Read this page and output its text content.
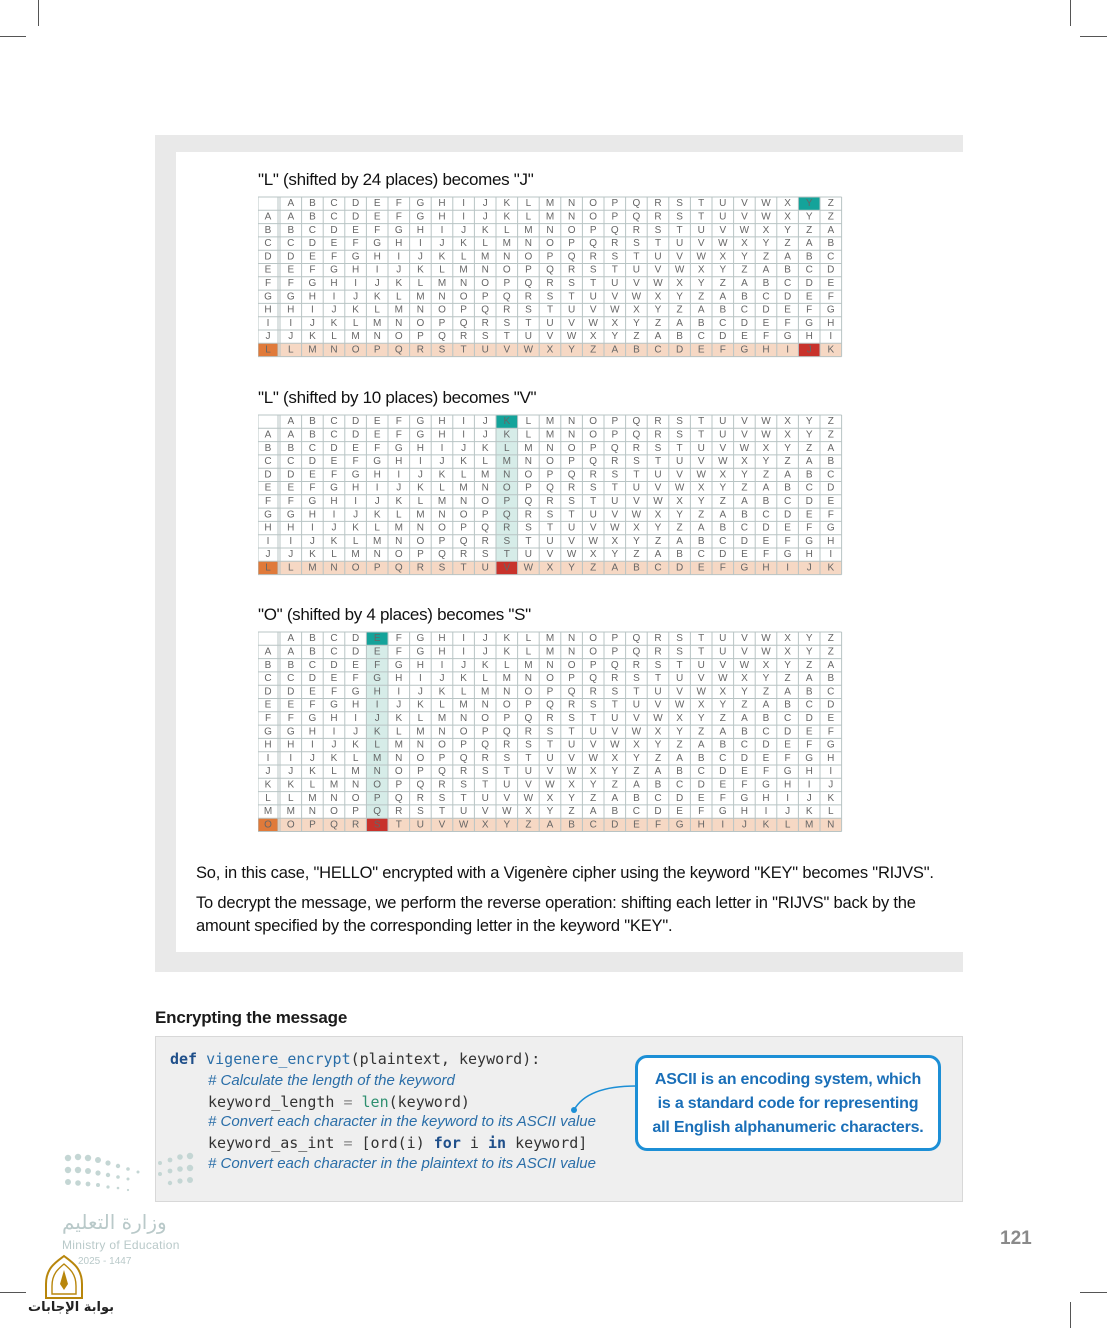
"L" (shifted by 24 places) becomes "J"
A B C D E F G H I J K L M N O P Q R S T U V W X Y Z
A A B C D E F G H I J K L M N O P Q R S T U V W X Y Z
B B C D E F G H I J K L M N O P Q R S T U V W X Y Z A
C C D E F G H I J K L M N O P Q R S T U V W X Y Z A B
D D E F G H I J K L M N O P Q R S T U V W X Y Z A B C
E E F G H I J K L M N O P Q R S T U V W X Y Z A B C D
F F G H I J K L M N O P Q R S T U V W X Y Z A B C D E
G G H I J K L M N O P Q R S T U V W X Y Z A B C D E F
H H I J K L M N O P Q R S T U V W X Y Z A B C D E F G
I I J K L M N O P Q R S T U V W X Y Z A B C D E F G H
J J K L M N O P Q R S T U V W X Y Z A B C D E F G H I
L L M N O P Q R S T U V W X Y Z A B C D E F G H I J K
"L" (shifted by 10 places) becomes "V"
A B C D E F G H I J K L M N O P Q R S T U V W X Y Z
A A B C D E F G H I J K L M N O P Q R S T U V W X Y Z
B B C D E F G H I J K L M N O P Q R S T U V W X Y Z A
C C D E F G H I J K L M N O P Q R S T U V W X Y Z A B
D D E F G H I J K L M N O P Q R S T U V W X Y Z A B C
E E F G H I J K L M N O P Q R S T U V W X Y Z A B C D
F F G H I J K L M N O P Q R S T U V W X Y Z A B C D E
G G H I J K L M N O P Q R S T U V W X Y Z A B C D E F
H H I J K L M N O P Q R S T U V W X Y Z A B C D E F G
I I J K L M N O P Q R S T U V W X Y Z A B C D E F G H
J J K L M N O P Q R S T U V W X Y Z A B C D E F G H I
L L M N O P Q R S T U V W X Y Z A B C D E F G H I J K
"O" (shifted by 4 places) becomes "S"
A B C D E F G H I J K L M N O P Q R S T U V W X Y Z
A A B C D E F G H I J K L M N O P Q R S T U V W X Y Z
B B C D E F G H I J K L M N O P Q R S T U V W X Y Z A
C C D E F G H I J K L M N O P Q R S T U V W X Y Z A B
D D E F G H I J K L M N O P Q R S T U V W X Y Z A B C
E E F G H I J K L M N O P Q R S T U V W X Y Z A B C D
F F G H I J K L M N O P Q R S T U V W X Y Z A B C D E
G G H I J K L M N O P Q R S T U V W X Y Z A B C D E F
H H I J K L M N O P Q R S T U V W X Y Z A B C D E F G
I I J K L M N O P Q R S T U V W X Y Z A B C D E F G H
J J K L M N O P Q R S T U V W X Y Z A B C D E F G H I
K K L M N O P Q R S T U V W X Y Z A B C D E F G H I J
L L M N O P Q R S T U V W X Y Z A B C D E F G H I J K
M M N O P Q R S T U V W X Y Z A B C D E F G H I J K L
O O P Q R S T U V W X Y Z A B C D E F G H I J K L M N
So, in this case, "HELLO" encrypted with a Vigenère cipher using the keyword "KEY" becomes "RIJVS".
To decrypt the message, we perform the reverse operation: shifting each letter in "RIJVS" back by the amount specified by the corresponding letter in the keyword "KEY".
Encrypting the message
def vigenere_encrypt(plaintext, keyword):
# Calculate the length of the keyword
keyword_length = len(keyword)
# Convert each character in the keyword to its ASCII value
keyword_as_int = [ord(i) for i in keyword]
# Convert each character in the plaintext to its ASCII value
ASCII is an encoding system, which
is a standard code for representing
all English alphanumeric characters.
121
وزارة التعليم
Ministry of Education
2025 - 1447
بوابة الإجابات
